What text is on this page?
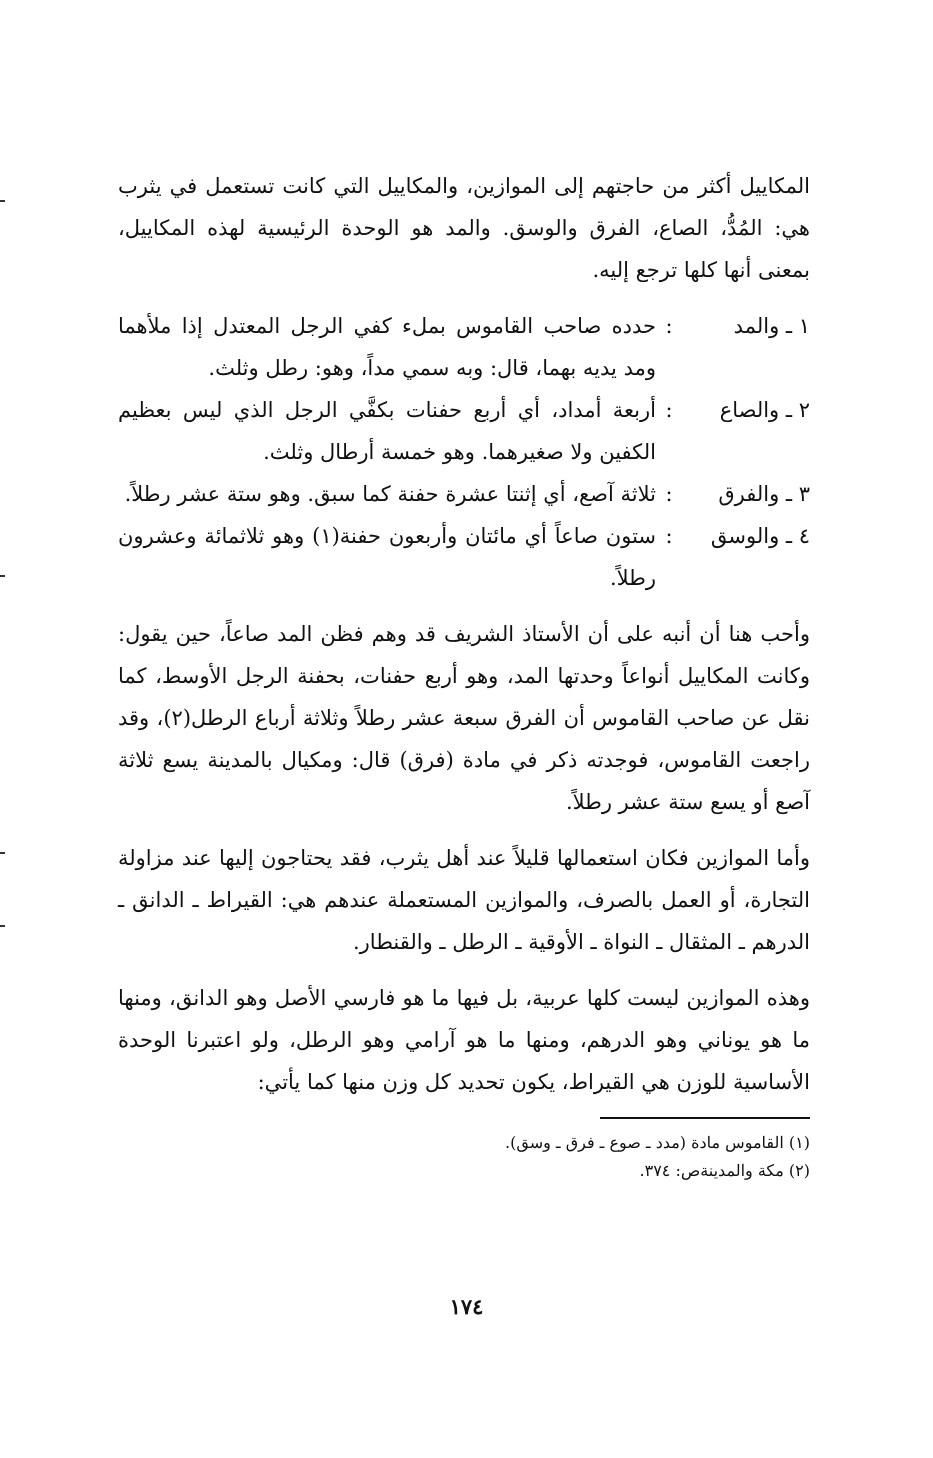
المكاييل أكثر من حاجتهم إلى الموازين، والمكاييل التي كانت تستعمل في يثرب هي: المُدُّ، الصاع، الفرق والوسق. والمد هو الوحدة الرئيسية لهذه المكاييل، بمعنى أنها كلها ترجع إليه.

١ ـ والمد
:
حدده صاحب القاموس بملء كفي الرجل المعتدل إذا ملأهما ومد يديه بهما، قال: وبه سمي مداً، وهو: رطل وثلث.
٢ ـ والصاع
:
أربعة أمداد، أي أربع حفنات بكفَّي الرجل الذي ليس بعظيم الكفين ولا صغيرهما. وهو خمسة أرطال وثلث.
٣ ـ والفرق
:
ثلاثة آصع، أي إثنتا عشرة حفنة كما سبق. وهو ستة عشر رطلاً.
٤ ـ والوسق
:
ستون صاعاً أي مائتان وأربعون حفنة(١) وهو ثلاثمائة وعشرون رطلاً.

وأحب هنا أن أنبه على أن الأستاذ الشريف قد وهم فظن المد صاعاً، حين يقول: وكانت المكاييل أنواعاً وحدتها المد، وهو أربع حفنات، بحفنة الرجل الأوسط، كما نقل عن صاحب القاموس أن الفرق سبعة عشر رطلاً وثلاثة أرباع الرطل(٢)، وقد راجعت القاموس، فوجدته ذكر في مادة (فرق) قال: ومكيال بالمدينة يسع ثلاثة آصع أو يسع ستة عشر رطلاً.

وأما الموازين فكان استعمالها قليلاً عند أهل يثرب، فقد يحتاجون إليها عند مزاولة التجارة، أو العمل بالصرف، والموازين المستعملة عندهم هي: القيراط ـ الدانق ـ الدرهم ـ المثقال ـ النواة ـ الأوقية ـ الرطل ـ والقنطار.

وهذه الموازين ليست كلها عربية، بل فيها ما هو فارسي الأصل وهو الدانق، ومنها ما هو يوناني وهو الدرهم، ومنها ما هو آرامي وهو الرطل، ولو اعتبرنا الوحدة الأساسية للوزن هي القيراط، يكون تحديد كل وزن منها كما يأتي:

(١) القاموس مادة (مدد ـ صوع ـ فرق ـ وسق).
(٢) مكة والمدينةص: ٣٧٤.
١٧٤
